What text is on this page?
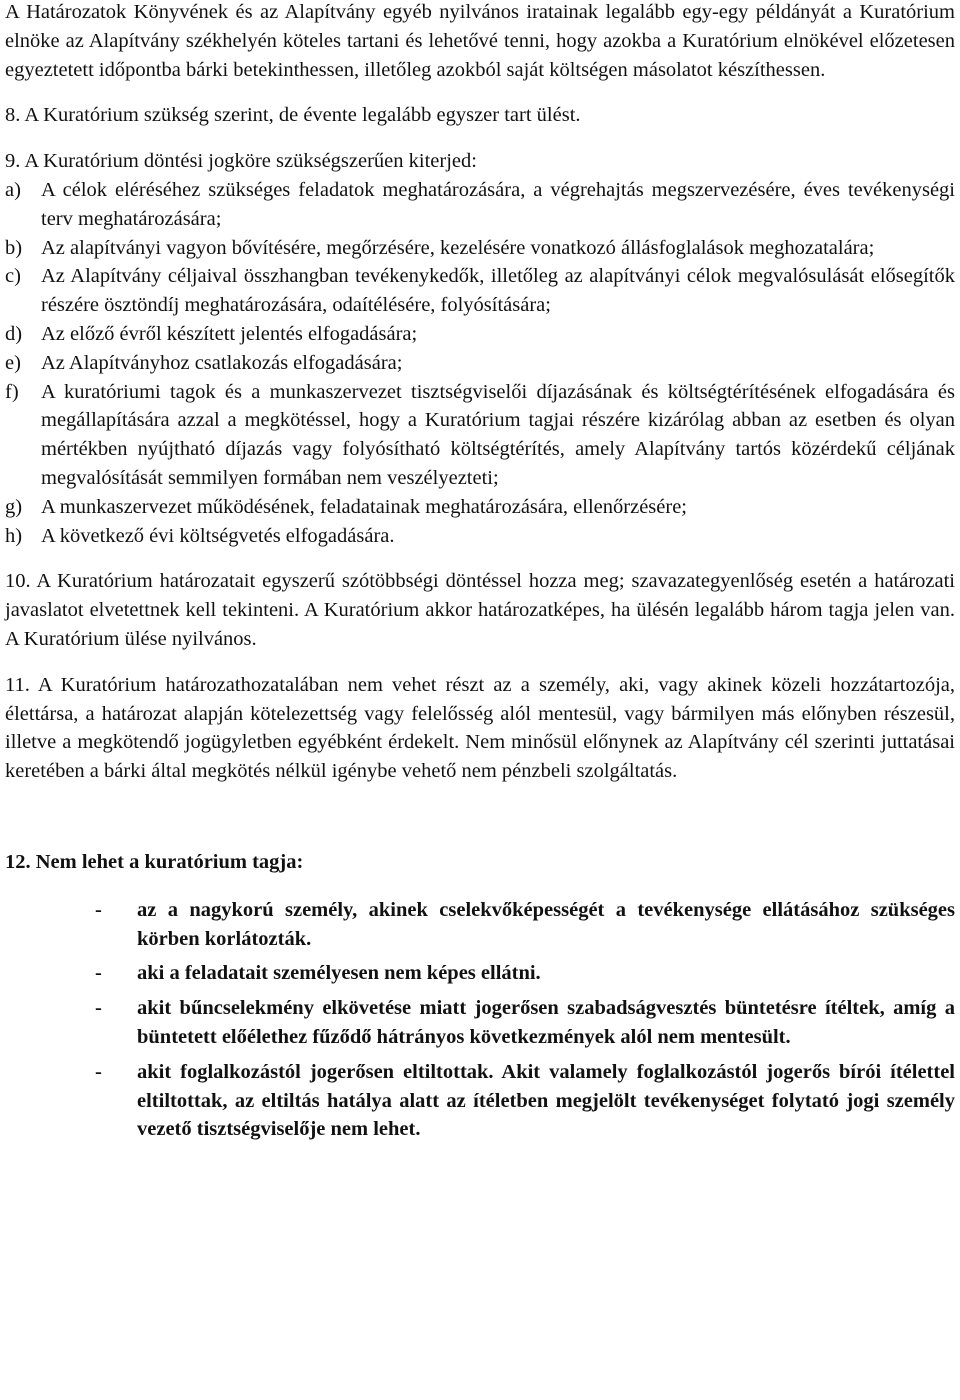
A Határozatok Könyvének és az Alapítvány egyéb nyilvános iratainak legalább egy-egy példányát a Kuratórium elnöke az Alapítvány székhelyén köteles tartani és lehetővé tenni, hogy azokba a Kuratórium elnökével előzetesen egyeztetett időpontba bárki betekinthessen, illetőleg azokból saját költségen másolatot készíthessen.

8. A Kuratórium szükség szerint, de évente legalább egyszer tart ülést.

9. A Kuratórium döntési jogköre szükségszerűen kiterjed:

a) A célok eléréséhez szükséges feladatok meghatározására, a végrehajtás megszervezésére, éves tevékenységi terv meghatározására;
b) Az alapítványi vagyon bővítésére, megőrzésére, kezelésére vonatkozó állásfoglalások meghozatalára;
c) Az Alapítvány céljaival összhangban tevékenykedők, illetőleg az alapítványi célok megvalósulását elősegítők részére ösztöndíj meghatározására, odaítélésére, folyósítására;
d) Az előző évről készített jelentés elfogadására;
e) Az Alapítványhoz csatlakozás elfogadására;
f)	A kuratóriumi tagok és a munkaszervezet tisztségviselői díjazásának és költségtérítésének elfogadására és megállapítására azzal a megkötéssel, hogy a Kuratórium tagjai részére kizárólag abban az esetben és olyan mértékben nyújtható díjazás vagy folyósítható költségtérítés, amely Alapítvány tartós közérdekű céljának megvalósítását semmilyen formában nem veszélyezteti;
g) A munkaszervezet működésének, feladatainak meghatározására, ellenőrzésére;
h) A következő évi költségvetés elfogadására.

10. A Kuratórium határozatait egyszerű szótöbbségi döntéssel hozza meg; szavazategyenlőség esetén a határozati javaslatot elvetettnek kell tekinteni. A Kuratórium akkor határozatképes, ha ülésén legalább három tagja jelen van. A Kuratórium ülése nyilvános.

11. A Kuratórium határozathozatalában nem vehet részt az a személy, aki, vagy akinek közeli hozzátartozója, élettársa, a határozat alapján kötelezettség vagy felelősség alól mentesül, vagy bármilyen más előnyben részesül, illetve a megkötendő jogügyletben egyébként érdekelt. Nem minősül előnynek az Alapítvány cél szerinti juttatásai keretében a bárki által megkötés nélkül igénybe vehető nem pénzbeli szolgáltatás.

12. Nem lehet a kuratórium tagja:

-	az a nagykorú személy, akinek cselekvőképességét a tevékenysége ellátásához szükséges körben korlátozták.
-	aki a feladatait személyesen nem képes ellátni.
-	akit bűncselekmény elkövetése miatt jogerősen szabadságvesztés büntetésre ítéltek, amíg a büntetett előélethez fűződő hátrányos következmények alól nem mentesült.
-	akit foglalkozástól jogerősen eltiltottak. Akit valamely foglalkozástól jogerős bírói ítélettel eltiltottak, az eltiltás hatálya alatt az ítéletben megjelölt tevékenységet folytató jogi személy vezető tisztségviselője nem lehet.
